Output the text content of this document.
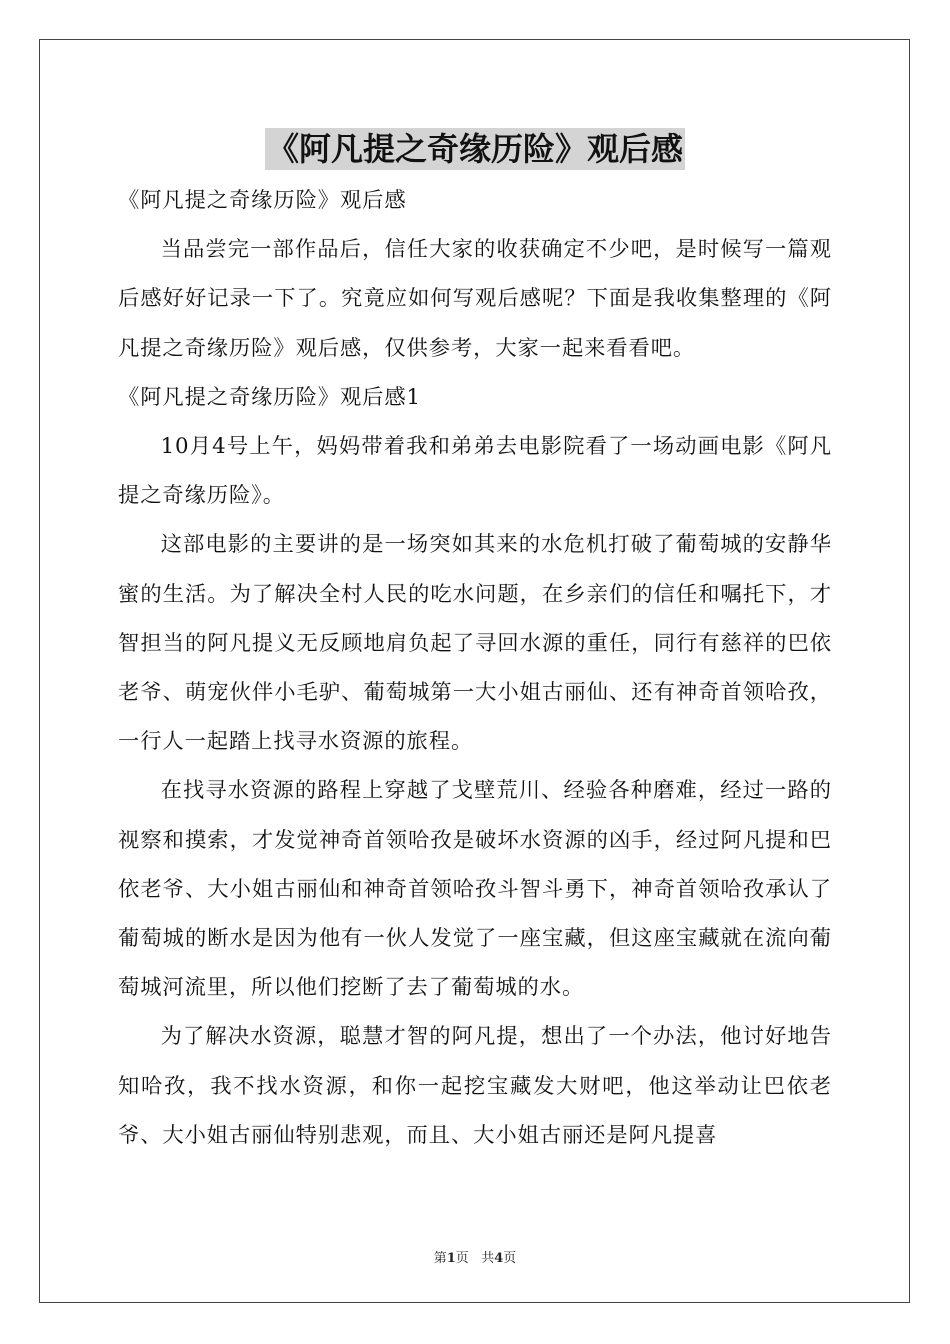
《阿凡提之奇缘历险》观后感

《阿凡提之奇缘历险》观后感

当品尝完一部作品后，信任大家的收获确定不少吧，是时候写一篇观后感好好记录一下了。究竟应如何写观后感呢？下面是我收集整理的《阿凡提之奇缘历险》观后感，仅供参考，大家一起来看看吧。

《阿凡提之奇缘历险》观后感1

10月4号上午，妈妈带着我和弟弟去电影院看了一场动画电影《阿凡提之奇缘历险》。

这部电影的主要讲的是一场突如其来的水危机打破了葡萄城的安静华蜜的生活。为了解决全村人民的吃水问题，在乡亲们的信任和嘱托下，才智担当的阿凡提义无反顾地肩负起了寻回水源的重任，同行有慈祥的巴依老爷、萌宠伙伴小毛驴、葡萄城第一大小姐古丽仙、还有神奇首领哈孜，一行人一起踏上找寻水资源的旅程。

在找寻水资源的路程上穿越了戈壁荒川、经验各种磨难，经过一路的视察和摸索，才发觉神奇首领哈孜是破坏水资源的凶手，经过阿凡提和巴依老爷、大小姐古丽仙和神奇首领哈孜斗智斗勇下，神奇首领哈孜承认了葡萄城的断水是因为他有一伙人发觉了一座宝藏，但这座宝藏就在流向葡萄城河流里，所以他们挖断了去了葡萄城的水。

为了解决水资源，聪慧才智的阿凡提，想出了一个办法，他讨好地告知哈孜，我不找水资源，和你一起挖宝藏发大财吧，他这举动让巴依老爷、大小姐古丽仙特别悲观，而且、大小姐古丽还是阿凡提喜

第1页 共4页
